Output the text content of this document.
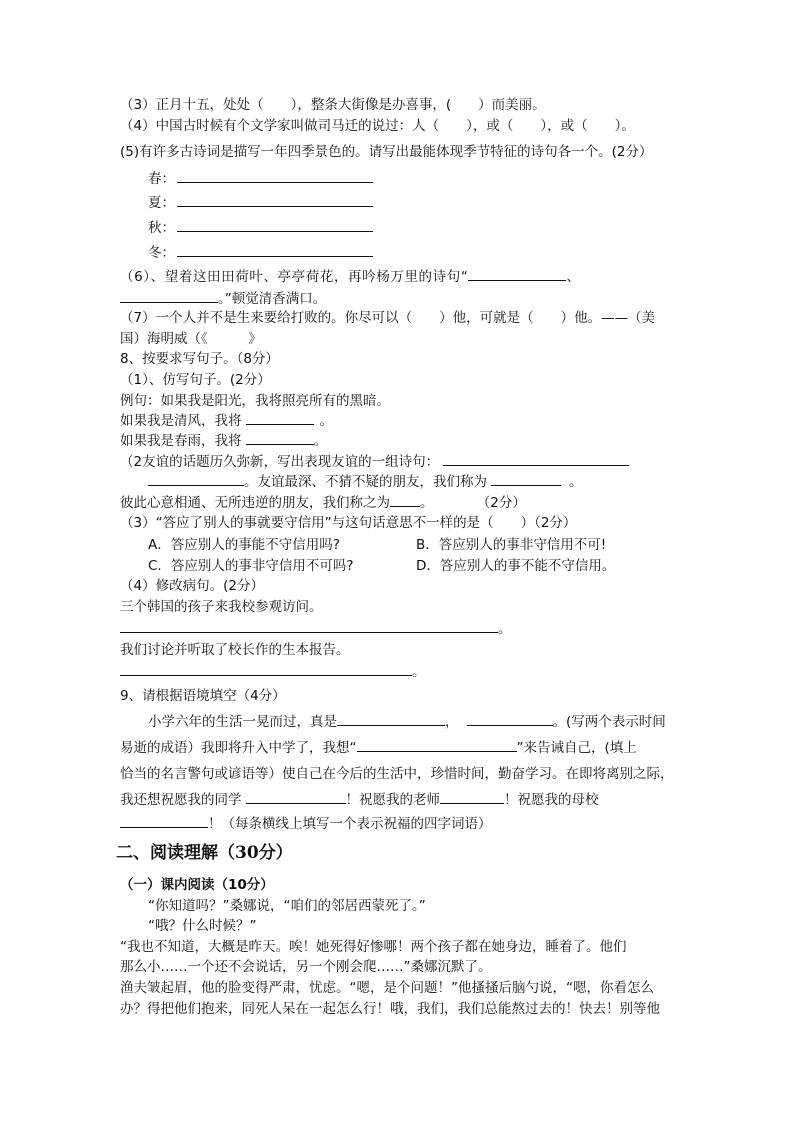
（3）正月十五，处处（　　），整条大街像是办喜事，(　　）而美丽。
（4）中国古时候有个文学家叫做司马迁的说过：人（　　），或（　　），或（　　）。
(5)有许多古诗词是描写一年四季景色的。请写出最能体现季节特征的诗句各一个。(2分）
春：
夏：
秋：
冬：
（6）、望着这田田荷叶、亭亭荷花，再吟杨万里的诗句“	、
。”顿觉清香满口。
（7）一个人并不是生来要给打败的。你尽可以（　　）他，可就是（　　）他。——（美
国）海明威（《　　　》
8、按要求写句子。（8分）
（1）、仿写句子。(2分）
例句：如果我是阳光，我将照亮所有的黑暗。
如果我是清风，我将	。
如果我是春雨，我将	。
（2友谊的话题历久弥新，写出表现友谊的一组诗句：
。友谊最深、不猜不疑的朋友，我们称为	。
彼此心意相通、无所违逆的朋友，我们称之为 。	（2分）
（3）“答应了别人的事就要守信用”与这句话意思不一样的是（　　）（2分）
A．答应别人的事能不守信用吗?	B．答应别人的事非守信用不可!
C．答应别人的事非守信用不可吗?	D．答应别人的事不能不守信用。
（4）修改病句。(2分）
三个韩国的孩子来我校参观访问。
。
我们讨论并听取了校长作的生本报告。
。
9、请根据语境填空（4分）
小学六年的生活一晃而过，真是	，	。(写两个表示时间
易逝的成语）我即将升入中学了，我想“	”来告诫自己，(填上
恰当的名言警句或谚语等）使自己在今后的生活中，珍惜时间，勤奋学习。在即将离别之际，
我还想祝愿我的同学	！祝愿我的老师	！祝愿我的母校
！（每条横线上填写一个表示祝福的四字词语）
二、阅读理解（30分）
（一）课内阅读（10分）
“你知道吗？”桑娜说，“咱们的邻居西蒙死了。”
“哦？什么时候？”
“我也不知道，大概是昨天。唉！她死得好惨哪！两个孩子都在她身边，睡着了。他们
那么小……一个还不会说话，另一个刚会爬……”桑娜沉默了。
渔夫皱起眉，他的脸变得严肃，忧虑。“嗯，是个问题！”他搔搔后脑勺说，“嗯，你看怎么
办？得把他们抱来，同死人呆在一起怎么行！哦，我们，我们总能熬过去的！快去！别等他
